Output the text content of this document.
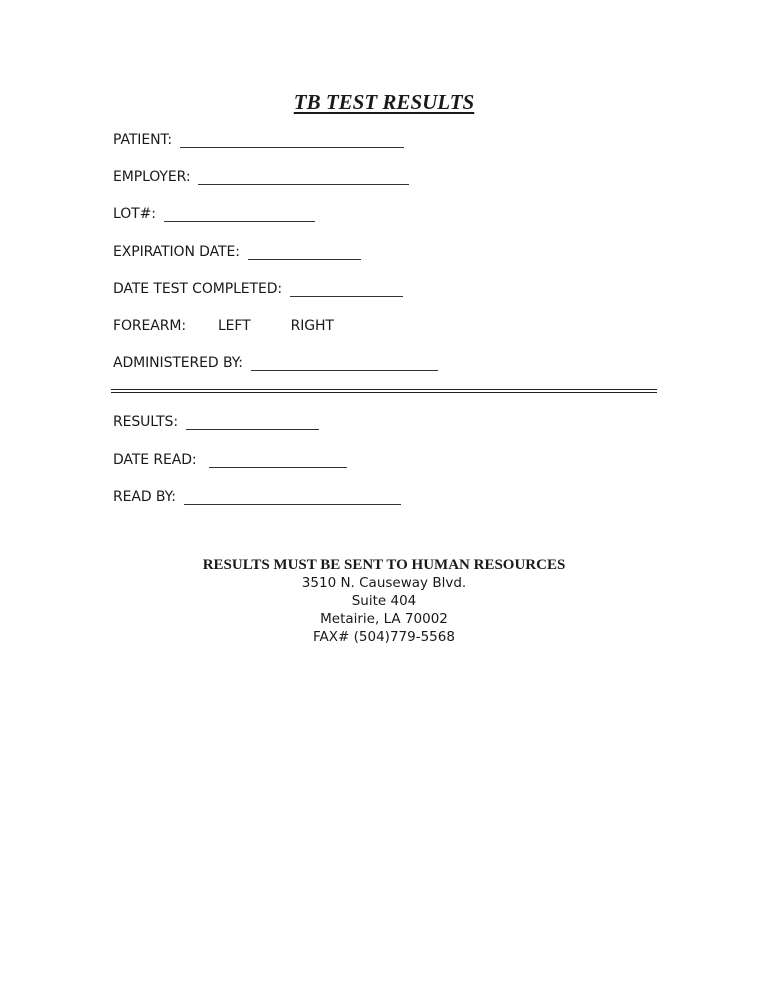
TB TEST RESULTS
PATIENT:
EMPLOYER:
LOT#:
EXPIRATION DATE:
DATE TEST COMPLETED:
FOREARM: LEFT	RIGHT
ADMINISTERED BY:
RESULTS:
DATE READ:
READ BY:
RESULTS MUST BE SENT TO HUMAN RESOURCES
3510 N. Causeway Blvd.
Suite 404
Metairie, LA 70002
FAX# (504)779-5568
